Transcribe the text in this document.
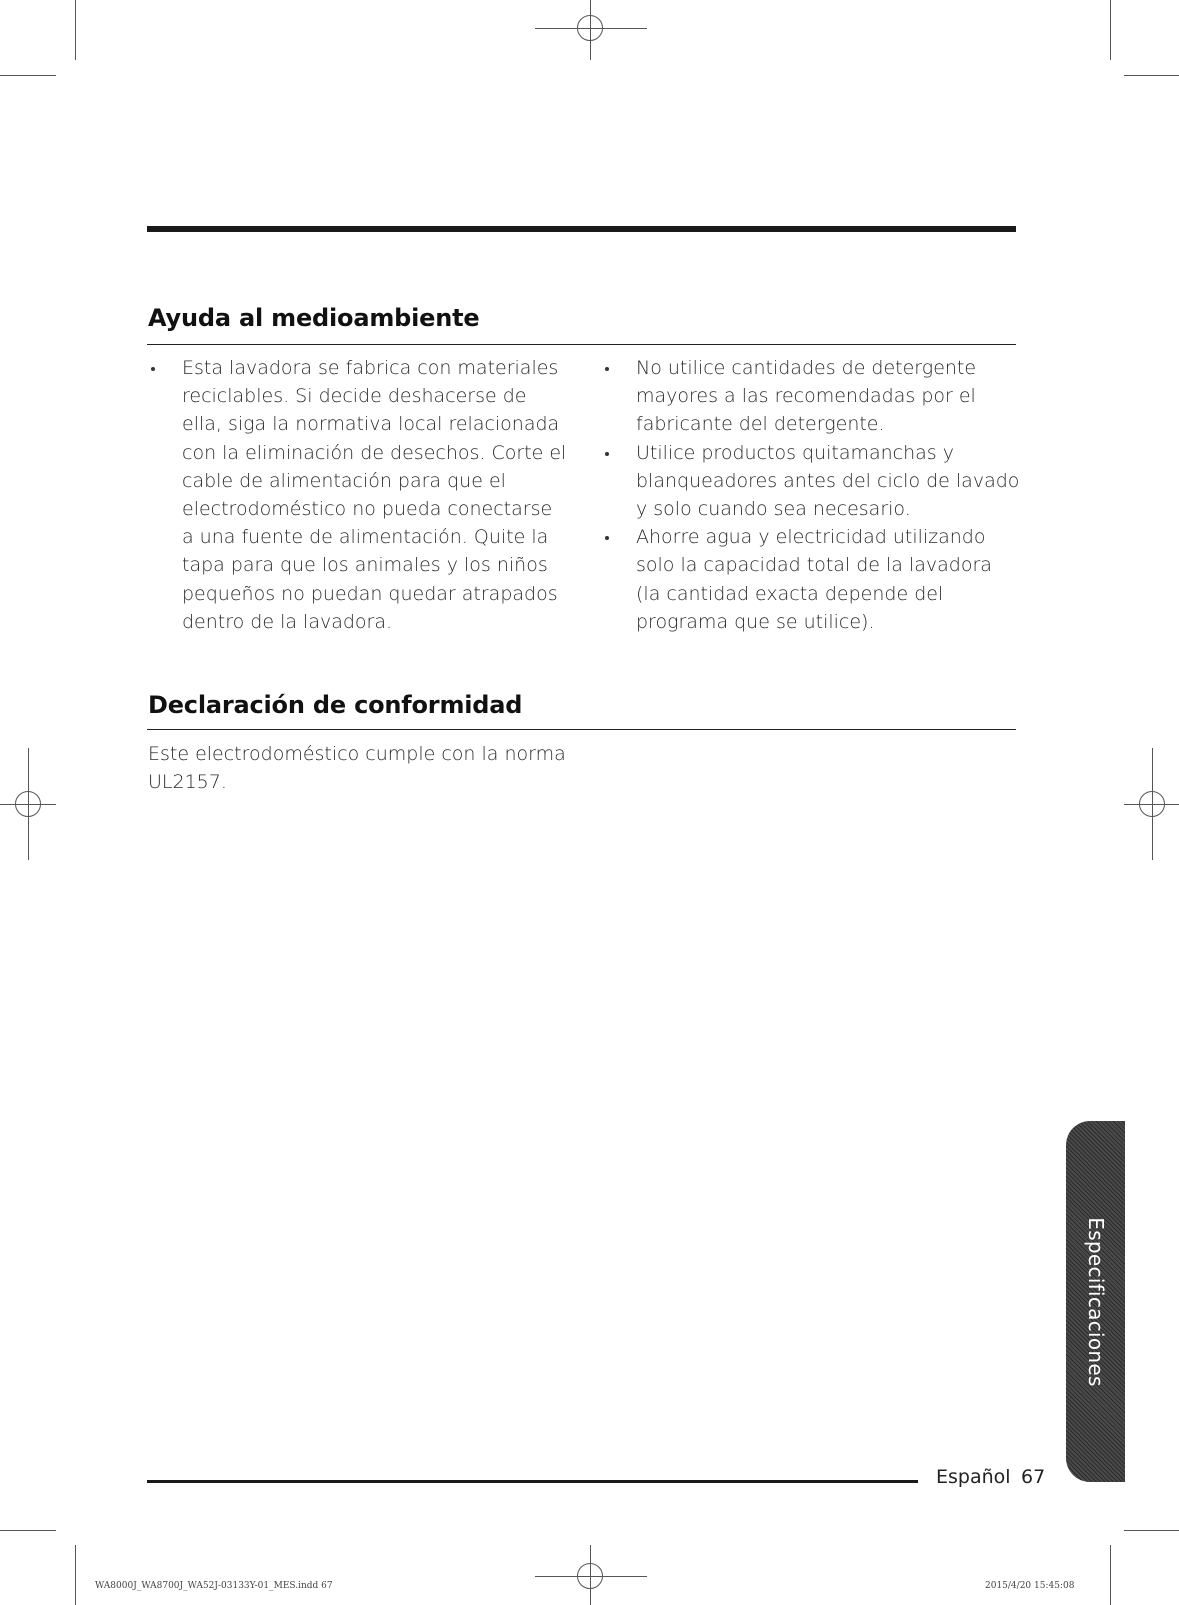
Ayuda al medioambiente
Esta lavadora se fabrica con materiales reciclables. Si decide deshacerse de ella, siga la normativa local relacionada con la eliminación de desechos. Corte el cable de alimentación para que el electrodoméstico no pueda conectarse a una fuente de alimentación. Quite la tapa para que los animales y los niños pequeños no puedan quedar atrapados dentro de la lavadora.
No utilice cantidades de detergente mayores a las recomendadas por el fabricante del detergente.
Utilice productos quitamanchas y blanqueadores antes del ciclo de lavado y solo cuando sea necesario.
Ahorre agua y electricidad utilizando solo la capacidad total de la lavadora (la cantidad exacta depende del programa que se utilice).
Declaración de conformidad

Este electrodoméstico cumple con la norma UL2157.

Especificaciones
Español 67
WA8000J_WA8700J_WA52J-03133Y-01_MES.indd 67	2015/4/20 15:45:08
